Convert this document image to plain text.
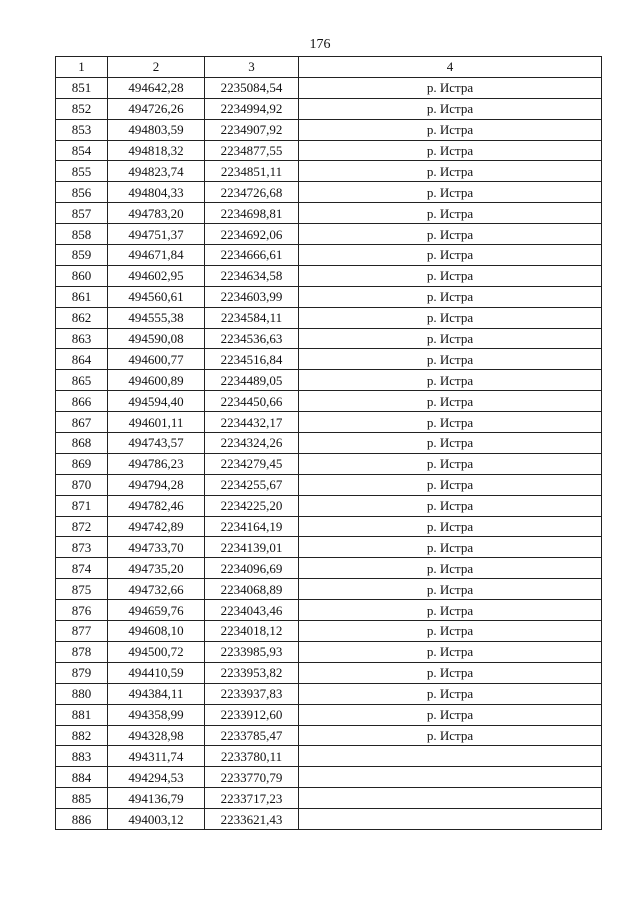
176
1	2	3	4
851	494642,28	2235084,54	р. Истра
852	494726,26	2234994,92	р. Истра
853	494803,59	2234907,92	р. Истра
854	494818,32	2234877,55	р. Истра
855	494823,74	2234851,11	р. Истра
856	494804,33	2234726,68	р. Истра
857	494783,20	2234698,81	р. Истра
858	494751,37	2234692,06	р. Истра
859	494671,84	2234666,61	р. Истра
860	494602,95	2234634,58	р. Истра
861	494560,61	2234603,99	р. Истра
862	494555,38	2234584,11	р. Истра
863	494590,08	2234536,63	р. Истра
864	494600,77	2234516,84	р. Истра
865	494600,89	2234489,05	р. Истра
866	494594,40	2234450,66	р. Истра
867	494601,11	2234432,17	р. Истра
868	494743,57	2234324,26	р. Истра
869	494786,23	2234279,45	р. Истра
870	494794,28	2234255,67	р. Истра
871	494782,46	2234225,20	р. Истра
872	494742,89	2234164,19	р. Истра
873	494733,70	2234139,01	р. Истра
874	494735,20	2234096,69	р. Истра
875	494732,66	2234068,89	р. Истра
876	494659,76	2234043,46	р. Истра
877	494608,10	2234018,12	р. Истра
878	494500,72	2233985,93	р. Истра
879	494410,59	2233953,82	р. Истра
880	494384,11	2233937,83	р. Истра
881	494358,99	2233912,60	р. Истра
882	494328,98	2233785,47	р. Истра
883	494311,74	2233780,11	
884	494294,53	2233770,79	
885	494136,79	2233717,23	
886	494003,12	2233621,43	
